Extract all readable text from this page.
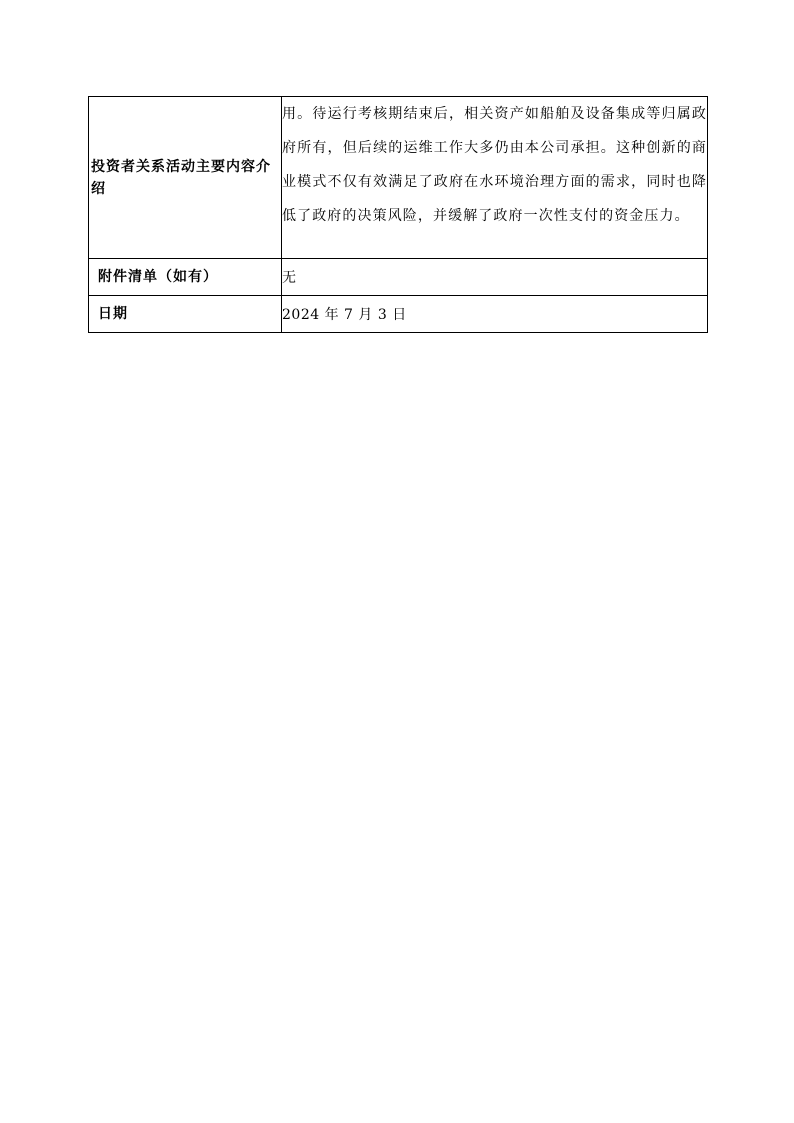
投资者关系活动主要内容介绍	用。待运行考核期结束后，相关资产如船舶及设备集成等归属政府所有，但后续的运维工作大多仍由本公司承担。这种创新的商业模式不仅有效满足了政府在水环境治理方面的需求，同时也降低了政府的决策风险，并缓解了政府一次性支付的资金压力。
附件清单（如有）	无
日期	2024 年 7 月 3 日
